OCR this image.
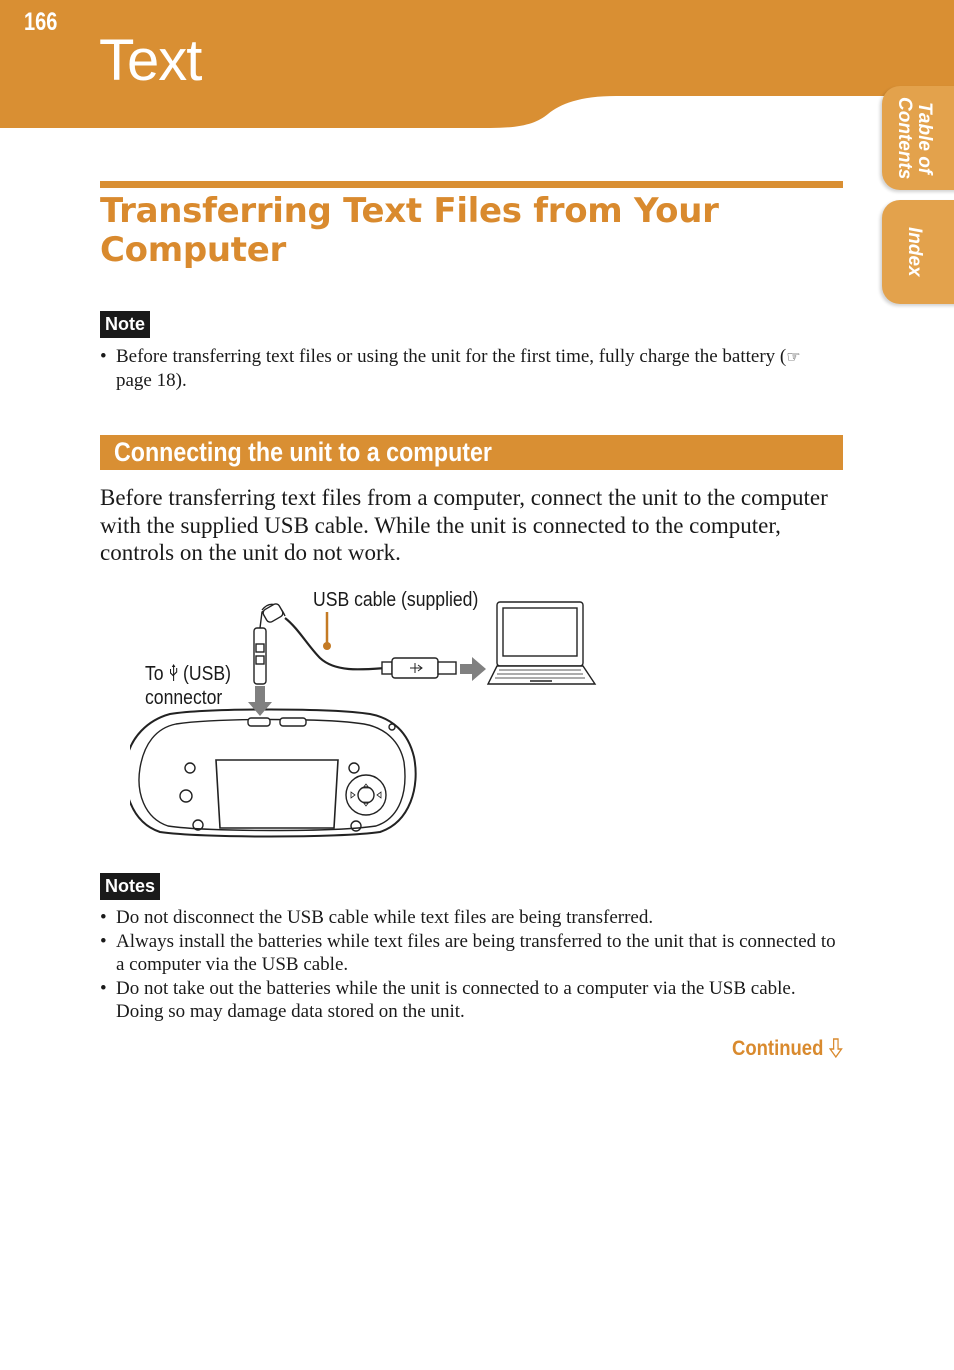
166
Text
Table of Contents
Index
Transferring Text Files from Your Computer
Note
• Before transferring text files or using the unit for the first time, fully charge the battery (☞ page 18).
Connecting the unit to a computer

Before transferring text files from a computer, connect the unit to the computer with the supplied USB cable. While the unit is connected to the computer, controls on the unit do not work.

USB cable (supplied)
To  (USB)
connector
Notes
• Do not disconnect the USB cable while text files are being transferred.
• Always install the batteries while text files are being transferred to the unit that is connected to a computer via the USB cable.
• Do not take out the batteries while the unit is connected to a computer via the USB cable. Doing so may damage data stored on the unit.
Continued
